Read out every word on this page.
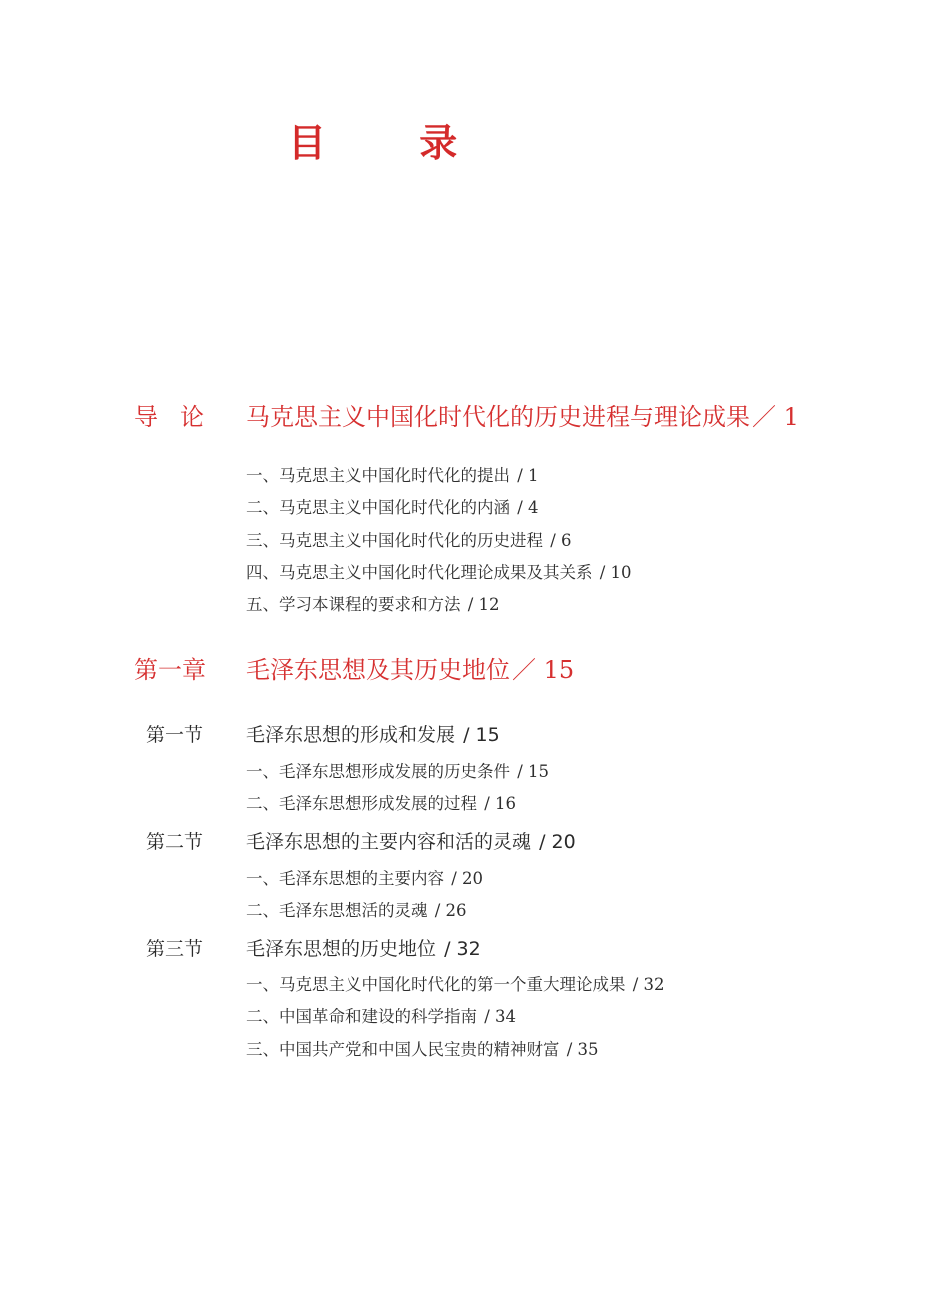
目 录
导论 马克思主义中国化时代化的历史进程与理论成果／ 1
一、马克思主义中国化时代化的提出 / 1
二、马克思主义中国化时代化的内涵 / 4
三、马克思主义中国化时代化的历史进程 / 6
四、马克思主义中国化时代化理论成果及其关系 / 10
五、学习本课程的要求和方法 / 12
第一章 毛泽东思想及其历史地位／ 15
第一节 毛泽东思想的形成和发展 / 15
一、毛泽东思想形成发展的历史条件 / 15
二、毛泽东思想形成发展的过程 / 16
第二节 毛泽东思想的主要内容和活的灵魂 / 20
一、毛泽东思想的主要内容 / 20
二、毛泽东思想活的灵魂 / 26
第三节 毛泽东思想的历史地位 / 32
一、马克思主义中国化时代化的第一个重大理论成果 / 32
二、中国革命和建设的科学指南 / 34
三、中国共产党和中国人民宝贵的精神财富 / 35
